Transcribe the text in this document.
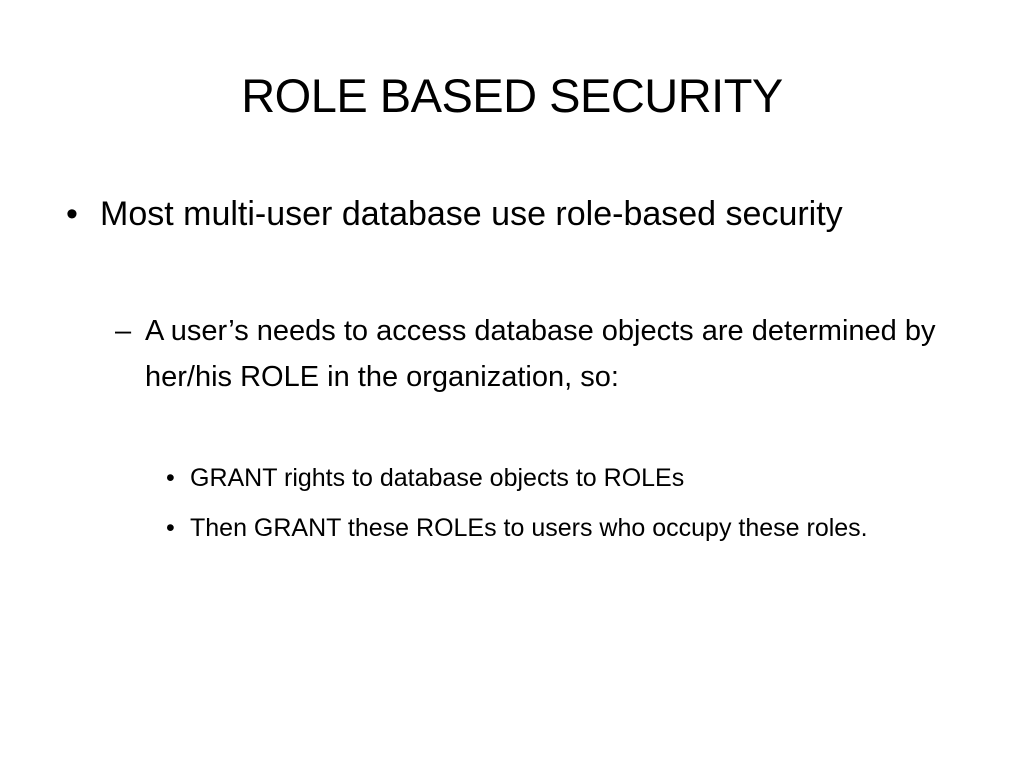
ROLE BASED SECURITY
• Most multi-user database use role-based security
– A user’s needs to access database objects are determined by her/his ROLE in the organization, so:
• GRANT rights to database objects to ROLEs
• Then GRANT these ROLEs to users who occupy these roles.
